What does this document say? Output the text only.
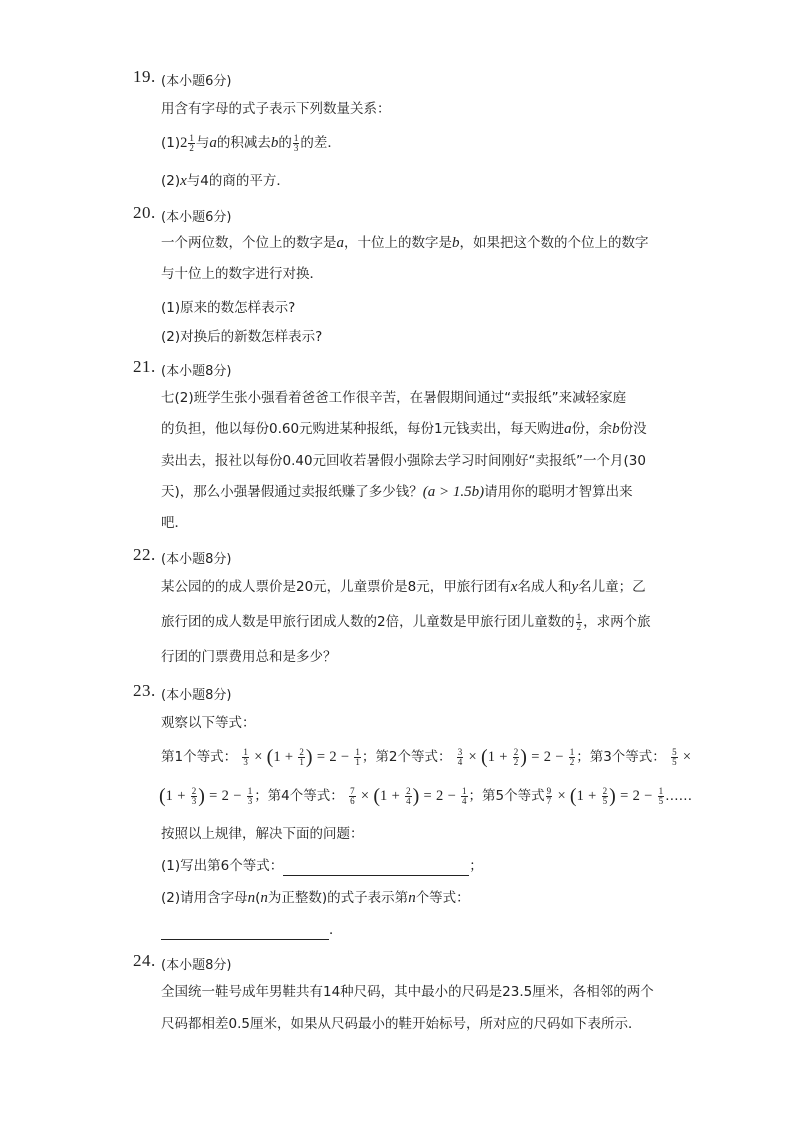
19. (本小题6分)
用含有字母的式子表示下列数量关系：
$(1)2 \frac{1}{2}$ 与a的积减去b的 $\frac{1}{3}$ 的差．
(2)x与4的商的平方．
20. (本小题6分)
一个两位数，个位上的数字是a，十位上的数字是b，如果把这个数的个位上的数字
与十位上的数字进行对换．
(1)原来的数怎样表示?
(2)对换后的新数怎样表示?
21. (本小题8分)
七(2)班学生张小强看着爸爸工作很辛苦，在暑假期间通过“卖报纸”来减轻家庭
的负担，他以每份0.60元购进某种报纸，每份1元钱卖出，每天购进a份，余b份没
卖出去，报社以每份0.40元回收若暑假小强除去学习时间刚好“卖报纸”一个月(30
天)，那么小强暑假通过卖报纸赚了多少钱？(a > 1.5b)请用你的聪明才智算出来
吧．
22. (本小题8分)
某公园的的成人票价是20元，儿童票价是8元，甲旅行团有x名成人和y名儿童；乙
旅行团的成人数是甲旅行团成人数的2倍，儿童数是甲旅行团儿童数的 $\frac{1}{2}$ ，求两个旅
行团的门票费用总和是多少？
23. (本小题8分)
观察以下等式：
第1个等式： $\frac{1}{3} \times (1 + \frac{2}{1}$ ) = $2 - \frac{1}{1}$ ；第2个等式： $\frac{3}{4} \times (1 + \frac{2}{2}$ ) = $2 - \frac{1}{2}$ ；第3个等式： $\frac{5}{5}$ ×
($1 + \frac{2}{3}$ ) = $2 - \frac{1}{3}$ ；第4个等式： $\frac{7}{6} \times (1 + \frac{2}{4}$ ) = $2 - \frac{1}{4}$ ；第5个等式 $\frac{9}{7} \times (1 + \frac{2}{5}$ ) = $2 - \frac{1}{5}$ ……
按照以上规律，解决下面的问题：
(1)写出第6个等式：	；
(2)请用含字母n(n为正整数)的式子表示第n个等式：
．
24. (本小题8分)
全国统一鞋号成年男鞋共有14种尺码，其中最小的尺码是23.5厘米，各相邻的两个
尺码都相差0.5厘米，如果从尺码最小的鞋开始标号，所对应的尺码如下表所示．
